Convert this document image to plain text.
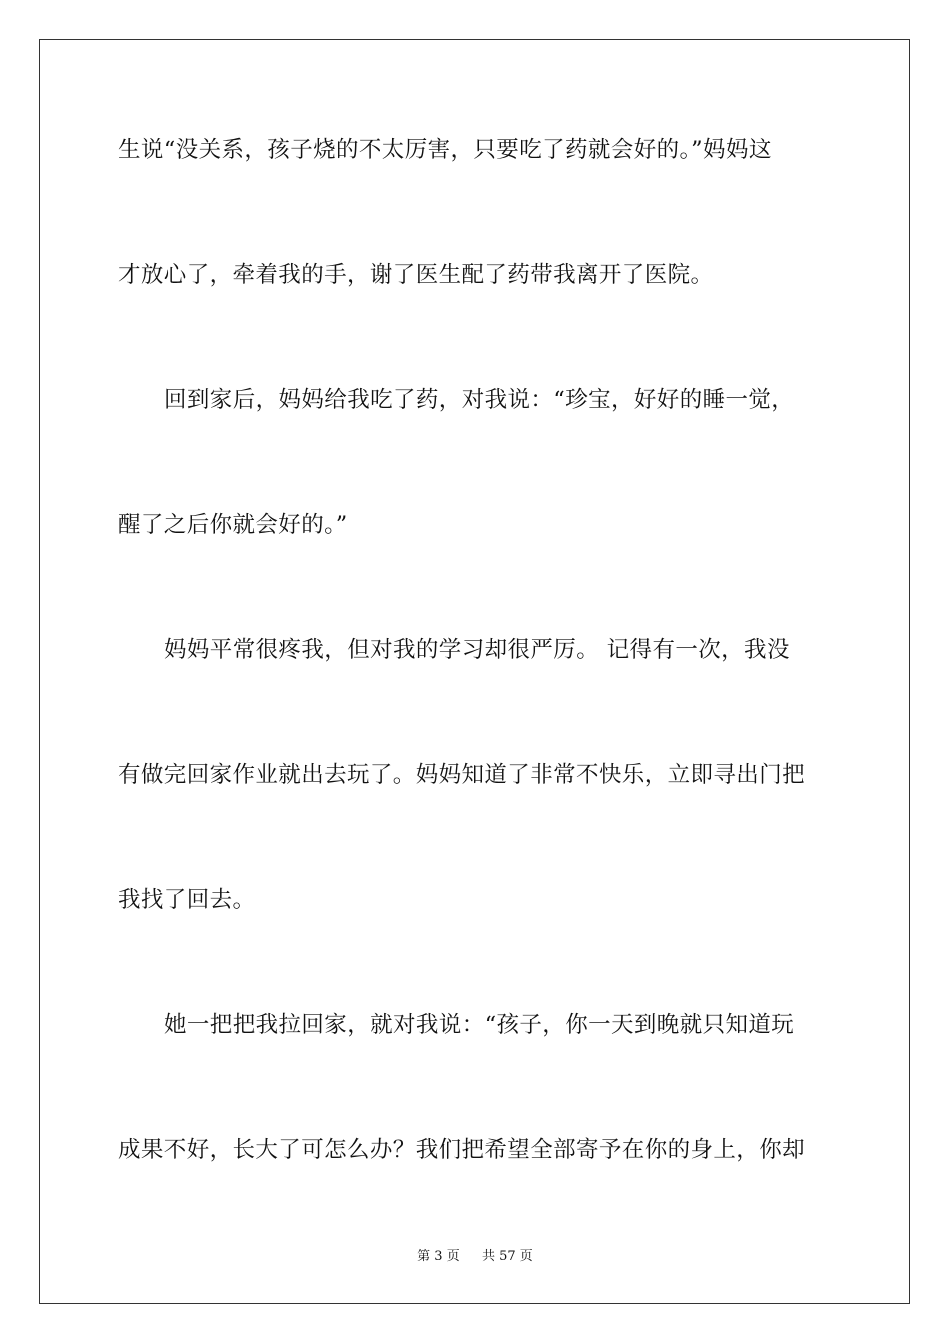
生说“没关系，孩子烧的不太厉害，只要吃了药就会好的。”妈妈这
才放心了，牵着我的手，谢了医生配了药带我离开了医院。
回到家后，妈妈给我吃了药，对我说：“珍宝，好好的睡一觉，
醒了之后你就会好的。”
妈妈平常很疼我，但对我的学习却很严厉。 记得有一次，我没
有做完回家作业就出去玩了。妈妈知道了非常不快乐，立即寻出门把
我找了回去。
她一把把我拉回家，就对我说：“孩子，你一天到晚就只知道玩
成果不好，长大了可怎么办？我们把希望全部寄予在你的身上，你却
第 3 页 共 57 页
